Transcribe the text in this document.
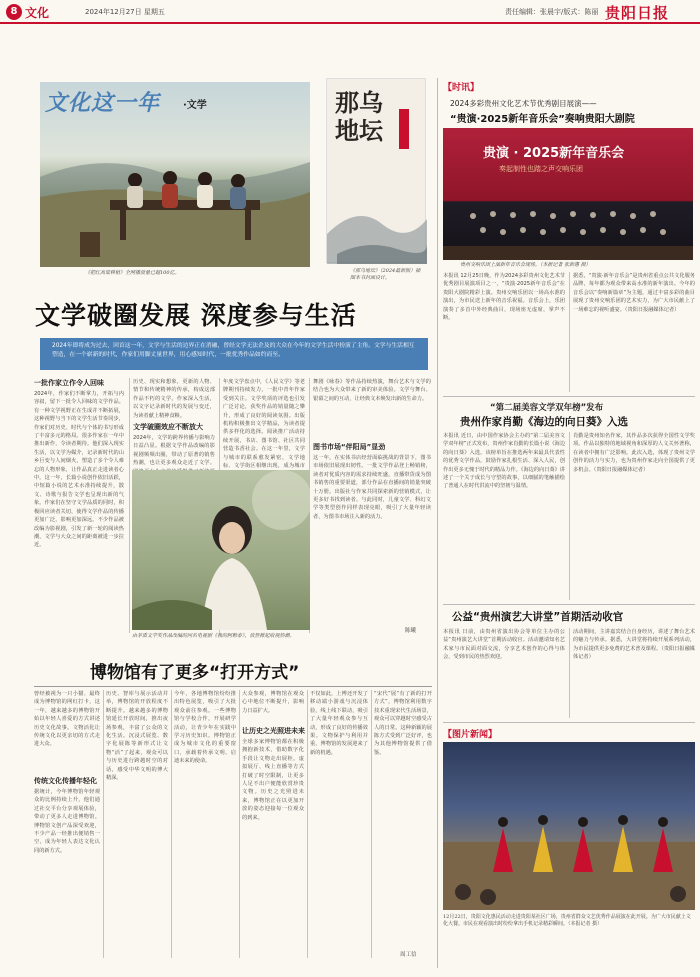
8 文化	2024年12月27日 星期五	责任编辑：张晨宇/版式：陈丽 贵阳日报
文化这一年 ·文学
《把红高粱移植》全网播放量已超100亿。
那乌地坛
《那乌地坛》（2024最新版）插图本书封面设计。
文学破圈发展 深度参与生活
2024年即将成为过去，回首这一年，文学与生活的边界正在消融，曾经文学无法企及的大众在今年的文学生活中扮演了主角。文学与生活相互塑造，在一个崭新的时代，作家们用脚丈量世界，用心感知时代，一批优秀作品如约而至。
一批作家立作令人回味
2024年，作家们不断掌力，开拓与内容叙，留下一批令人回味的文学作品。有一种文学视野正在生成并不断拓展，这种视野与当下的文学生活节奏同步，作家们对历史、时代与个体的书写形成了丰富多元的格局。很多作家在一年中推出新作，令读者期待。他们深入现实生活，以文学为媒介，记录新时代的山乡巨变与人间烟火，塑造了多个令人难忘的人物形象，让作品真正走进读者心中。这一年，长篇小说创作依旧活跃，中短篇小说的艺术水准持续提升，散文、诗歌与报告文学也呈现出新的气象。作家们在坚守文学品质的同时，积极回应读者关切，使得文学作品的传播更加广泛，影响更加深远。不少作品被改编为影视剧，引发了新一轮的阅读热潮，文学与大众之间的距离被进一步拉近。
历史、现实和想象，更新的人物、情节和传统精神的传承，构成这部作品不朽的文学。作家深入生活，以文字记录新时代的发展与变迁，为读者献上精神食粮。
文学破圈效应不断放大
2024年，文学的跨界传播与影响力日益凸显。根据文学作品改编的影视剧频频出圈，带动了原著的销售热潮，也让更多观众走近了文学。
年度文学盘点中，《人民文学》等老牌期刊持续发力，一批中青年作家受到关注。文学奖项的评选也引发广泛讨论，获奖作品的销量随之攀升，形成了良好的阅读氛围。出版机构积极推出文学精品，为读者提供多样化的选择。阅读推广活动持续开展，书店、图书馆、社区共同营造书香社会。在这一年里，文学与城市的联系愈发紧密，文学地标、文学街区相继出现，成为城市
舞剧《咏春》等作品持续热演，舞台艺术与文学的结合也为大众带来了新的审美体验。文学与舞台、银幕之间的互动，让经典文本焕发出新的生命力。
图书市场“伴阳局”显劲
这一年，在实体书店经营面临挑战的背景下，图书市场依旧展现出韧性。一批文学作品登上畅销榜，读者对优质内容的需求持续旺盛。直播带货成为图书销售的重要渠道，部分作品在直播间的销量突破十万册。出版社与作家共同探索新的营销模式，让更多好书找到读者。与此同时，儿童文学、科幻文学等类型创作同样表现亮眼，吸引了大量年轻读者，为图书市场注入新的活力。
由茅盾文学奖作品改编的同名电视剧《我的阿勒泰》，依然掀起收视热潮。
陈曦
博物馆有了更多“打开方式”
曾经被视为一只小猫、最终成为博物馆的网红打卡，这一年，越来越多的博物馆开始以年轻人喜爱的方式讲述历史文化故事。文物活化让传统文化以更亲切的方式走进大众。
传统文化传播年轻化
据统计，今年博物馆年轻观众的比例持续上升，他们通过社交平台分享观展体验，带动了更多人走进博物馆。博物馆文创产品深受欢迎，不少产品一经推出便销售一空，成为年轻人表达文化认同的新方式。
历史、智库与展示活动并举，博物馆的开放程度不断提升。越来越多的博物馆延长开放时间，推出夜场参观，丰富了公众的文化生活。沉浸式展览、数字化展陈等新形式让文物“活”了起来，观众可以与历史进行跨越时空的对话，感受中华文明的博大精深。
今年，各地博物馆纷纷推出特色展览，吸引了大批观众前往参观。一些博物馆与学校合作，开展研学活动，让青少年在实践中学习历史知识。博物馆正成为城市文化的重要窗口，承载着传承文明、启迪未来的使命。
大众参观，博物馆在观众心中地位不断提升，影响力日益扩大。
让历史之光照进未来
全球多家博物馆都在积极拥抱新技术，借助数字化手段让文物走出展柜。虚拟展厅、线上直播等方式打破了时空限制，让更多人足不出户便能欣赏珍贵文物。历史之光照进未来，博物馆正在以更加开放的姿态迎接每一位观众的到来。
不仅如此，上博还开发了移动端小游戏与沉浸体验，线上线下联动，吸引了大量年轻观众参与互动，形成了良好的传播效果。文物保护与利用并重，博物馆的发展迎来了新的机遇。
“宋代”展“有了新的打开方式”，博物馆利用数字技术重现宋代生活场景，观众可以穿越时空感受古人的日常。这种新颖的展陈方式受到广泛好评，也为其他博物馆提供了借鉴。
周工信
【时讯】
2024多彩贵州文化艺术节优秀剧目展演——
“贵演·2025新年音乐会”奏响贵阳大剧院
贵演 · 2025新年音乐会
奏起制性也踏之声交响乐团
贵州交响乐团上演新年音乐会现场。（本报记者 张新惠 摄）
本报讯 12月25日晚，作为2024多彩贵州文化艺术节优秀剧目展演项目之一，“贵演·2025新年音乐会”在贵阳大剧院精彩上演。贵州交响乐团以一场高水准的演出，为市民送上新年的音乐祝福。音乐会上，乐团演奏了多首中外经典曲目，现场座无虚席，掌声不断。
据悉，“贵演·新年音乐会”是贵州省重点公共文化服务品牌，每年都为观众带来高水准的新年演出。今年的音乐会以“奏响新篇章”为主题，通过丰富多彩的曲目展现了贵州交响乐团的艺术实力，为广大市民献上了一场难忘的视听盛宴。（贵阳日报融媒体记者）
“第二届美容文学双年榜”发布
贵州作家肖勤《海边的向日葵》入选
本报讯 近日，由中国作家协会主办的“第二届美容文学双年榜”正式发布，贵州作家肖勤的长篇小说《海边的向日葵》入选。该榜单旨在推选两年来最具代表性的优秀文学作品，鼓励作家扎根生活、深入人民，创作出更多无愧于时代的精品力作。《海边的向日葵》讲述了一个关于成长与守望的故事，以细腻的笔触描绘了普通人在时代洪流中的坚韧与温情。
肖勤是贵州知名作家，其作品多次获得全国性文学奖项。作品以独特的地域视角和深厚的人文关怀著称，在读者中拥有广泛影响。此次入选，体现了贵州文学创作的活力与实力，也为贵州作家走向全国提供了更多机会。（贵阳日报融媒体记者）
公益“贵州演艺大讲堂”首期活动收官
本报讯 日前，由贵州省演出协会等单位主办的公益“贵州演艺大讲堂”首期活动收官。活动邀请知名艺术家与市民面对面交流，分享艺术创作的心得与体会，受到市民的热烈欢迎。
活动期间，主讲嘉宾结合自身经历，讲述了舞台艺术的魅力与传承。据悉，大讲堂将持续开展系列活动，为市民提供更多免费的艺术普及课程。（贵阳日报融媒体记者）
【图片新闻】
12月22日，贵阳文化惠民活动走进贵阳某社区广场，贵州省群众文艺优秀作品展演在此开展。为广大市民献上文化大餐。市民在观看演出时纷纷拿出手机记录精彩瞬间。（本报记者 摄）
